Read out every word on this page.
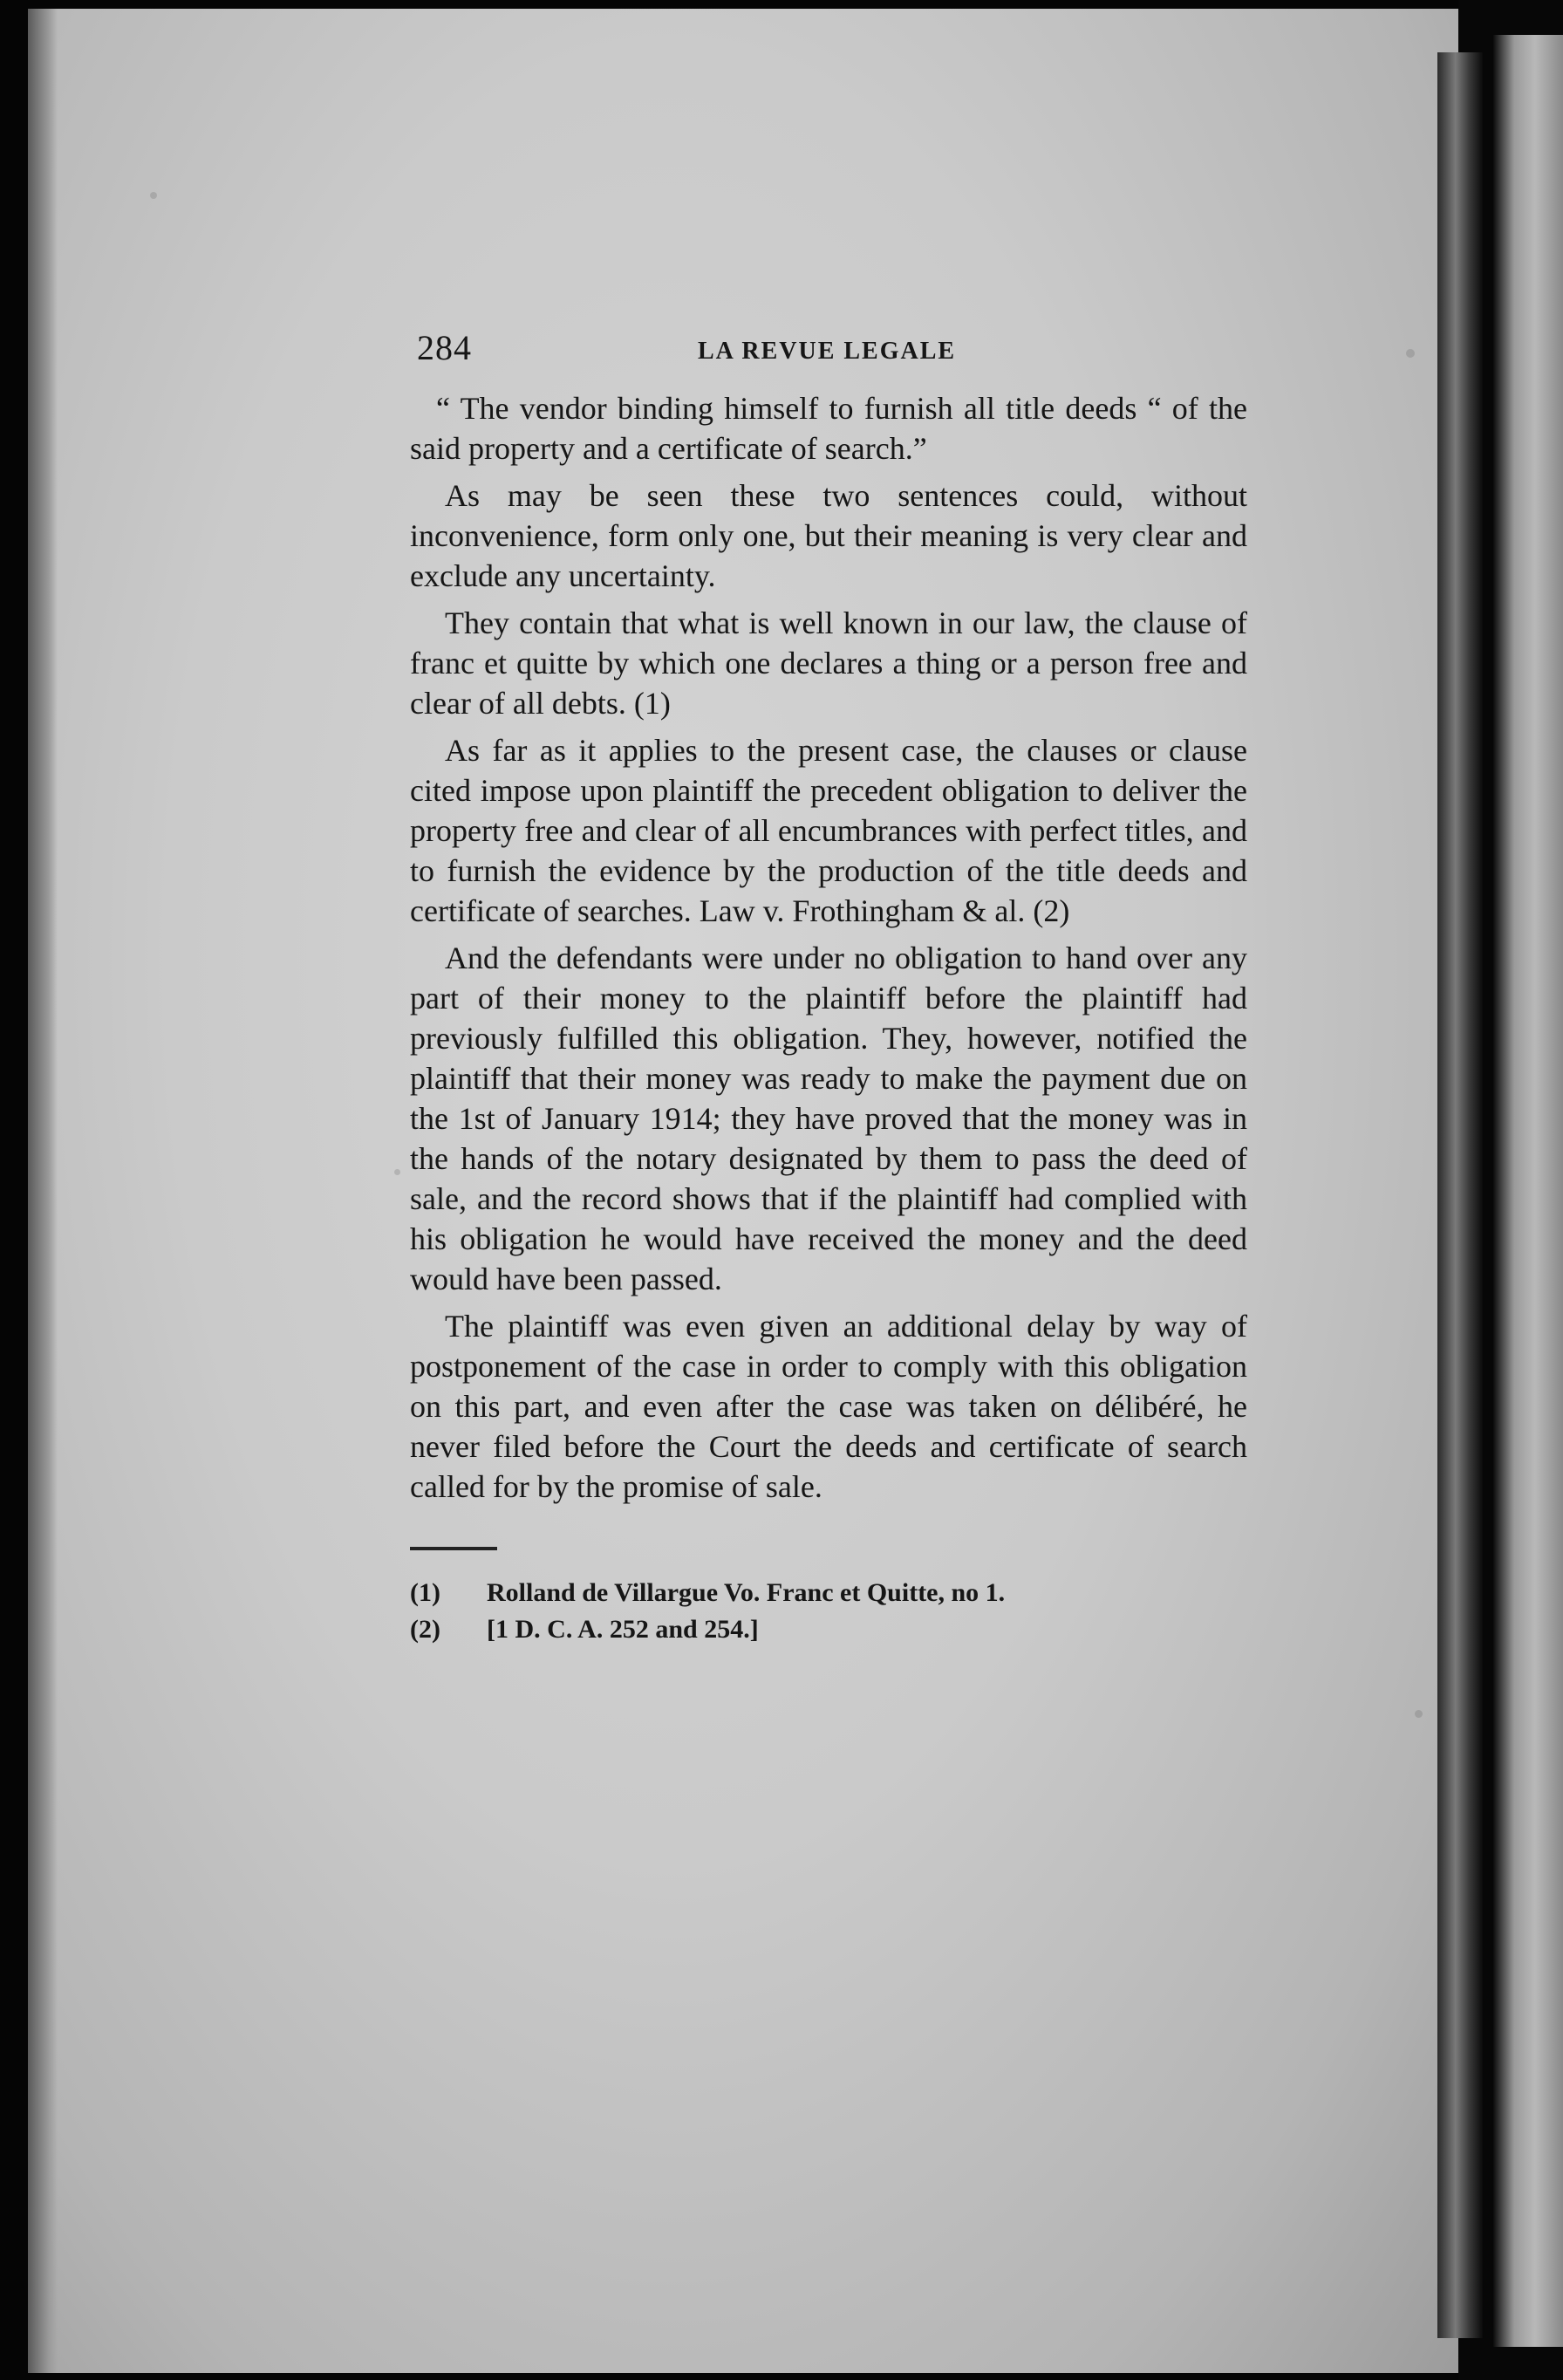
284	LA REVUE LEGALE

“ The vendor binding himself to furnish all title deeds “ of the said property and a certificate of search.”

As may be seen these two sentences could, without inconvenience, form only one, but their meaning is very clear and exclude any uncertainty.

They contain that what is well known in our law, the clause of franc et quitte by which one declares a thing or a person free and clear of all debts. (1)

As far as it applies to the present case, the clauses or clause cited impose upon plaintiff the precedent obligation to deliver the property free and clear of all encumbrances with perfect titles, and to furnish the evidence by the production of the title deeds and certificate of searches. Law v. Frothingham & al. (2)

And the defendants were under no obligation to hand over any part of their money to the plaintiff before the plaintiff had previously fulfilled this obligation. They, however, notified the plaintiff that their money was ready to make the payment due on the 1st of January 1914; they have proved that the money was in the hands of the notary designated by them to pass the deed of sale, and the record shows that if the plaintiff had complied with his obligation he would have received the money and the deed would have been passed.

The plaintiff was even given an additional delay by way of postponement of the case in order to comply with this obligation on this part, and even after the case was taken on délibéré, he never filed before the Court the deeds and certificate of search called for by the promise of sale.

(1)	Rolland de Villargue Vo. Franc et Quitte, no 1.
(2)	[1 D. C. A. 252 and 254.]
